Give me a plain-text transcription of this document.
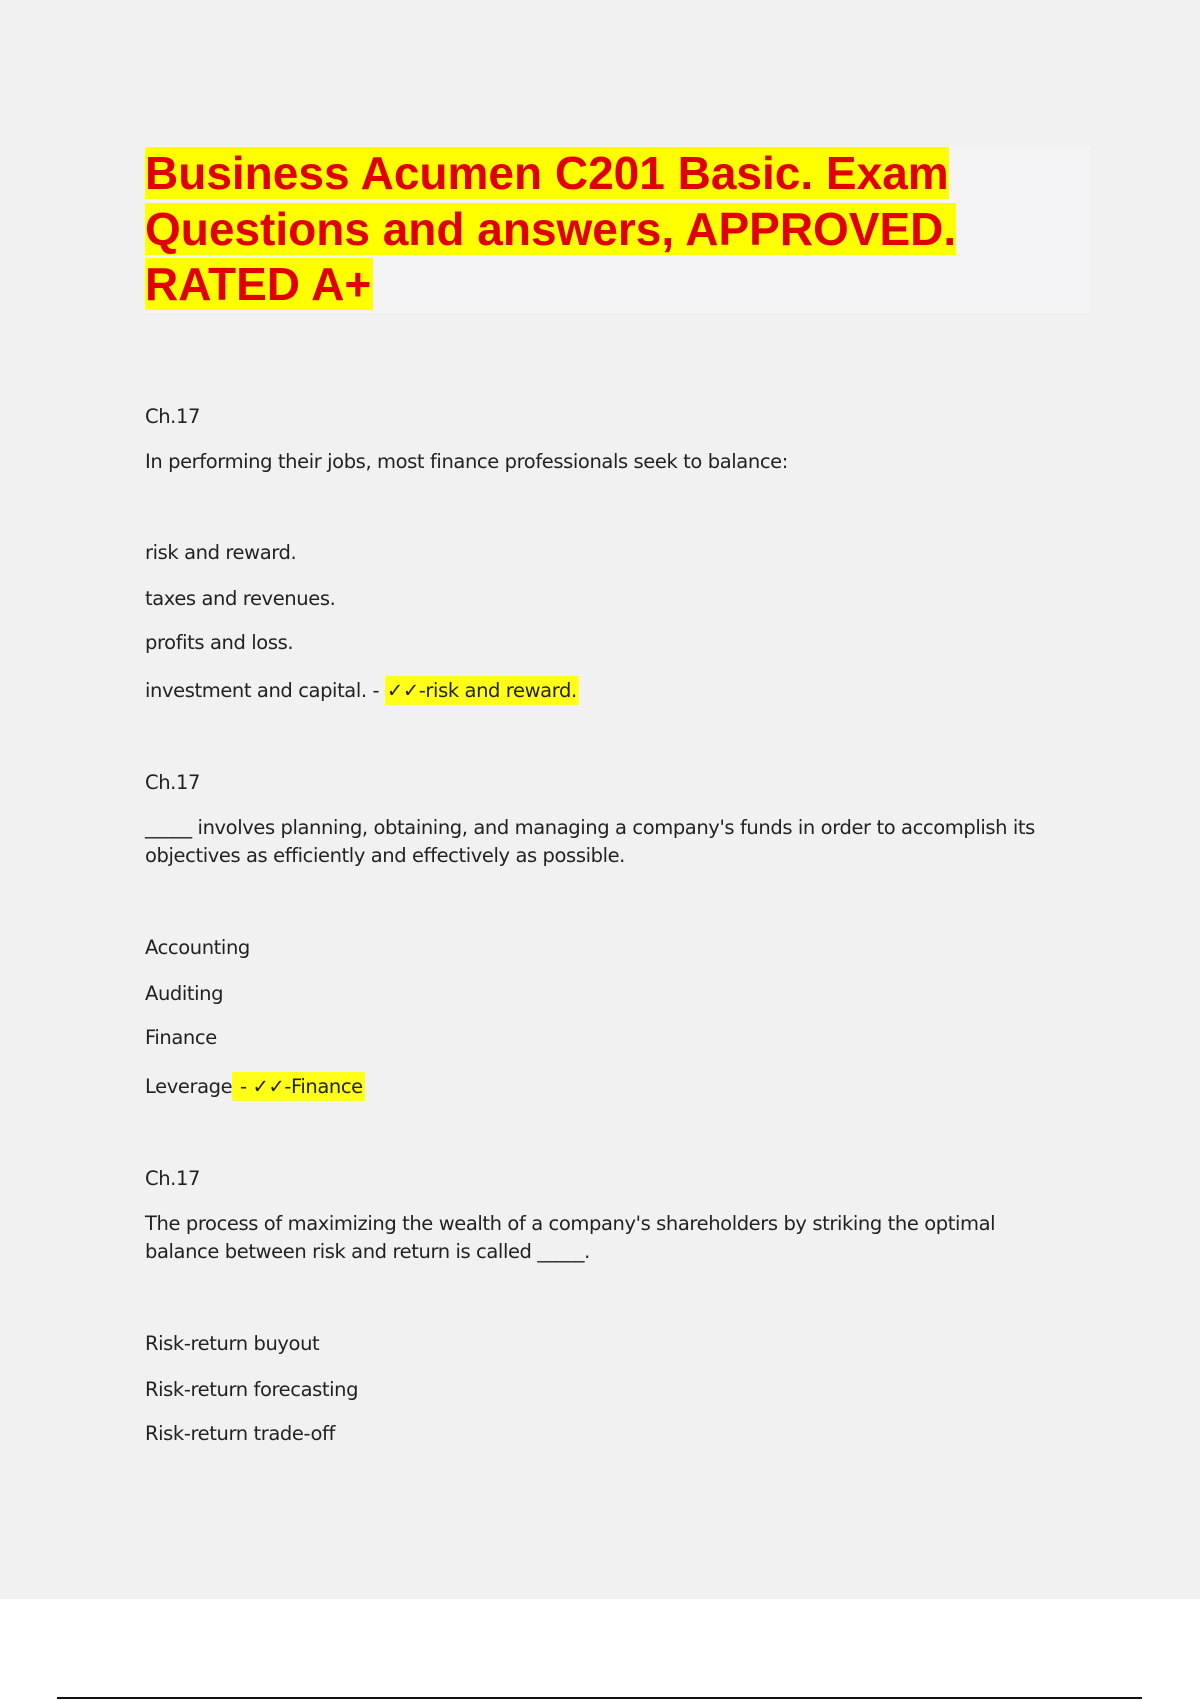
Business Acumen C201 Basic. Exam Questions and answers, APPROVED. RATED A+
Ch.17
In performing their jobs, most finance professionals seek to balance:
risk and reward.
taxes and revenues.
profits and loss.
investment and capital. - ✓✓-risk and reward.
Ch.17
_____ involves planning, obtaining, and managing a company's funds in order to accomplish its objectives as efficiently and effectively as possible.
Accounting
Auditing
Finance
Leverage - ✓✓-Finance
Ch.17
The process of maximizing the wealth of a company's shareholders by striking the optimal balance between risk and return is called _____.
Risk-return buyout
Risk-return forecasting
Risk-return trade-off
